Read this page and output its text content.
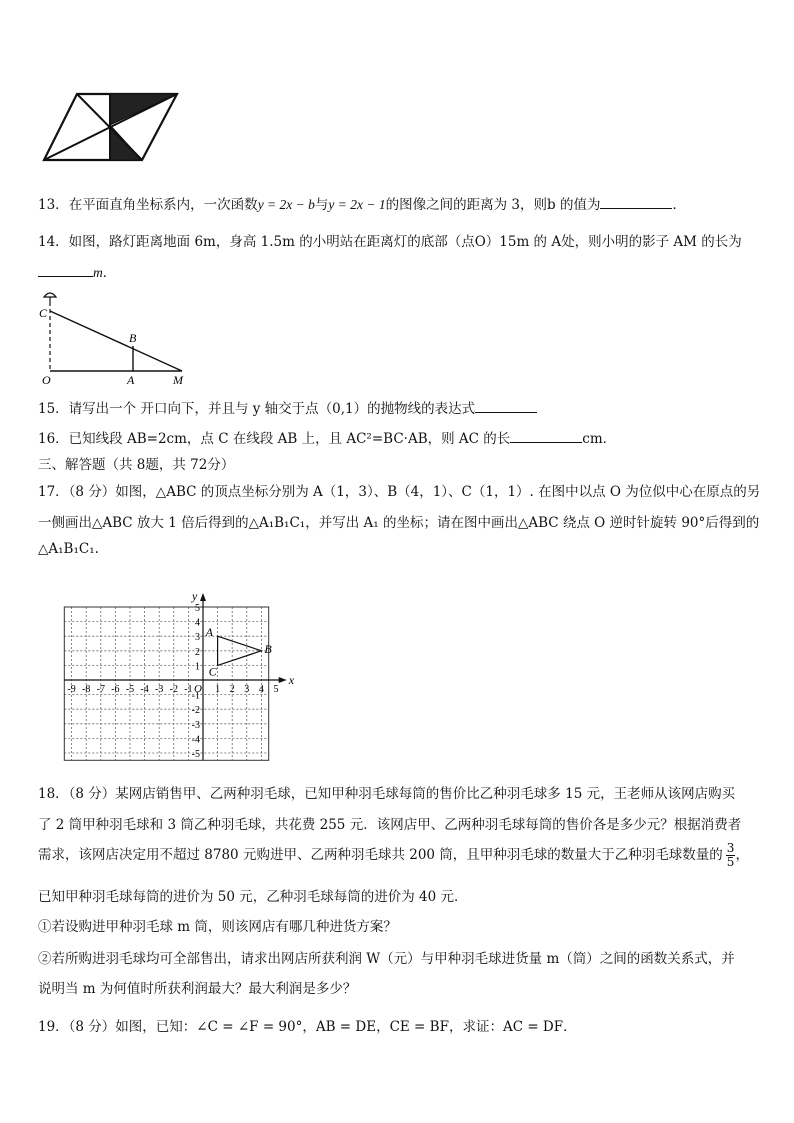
13．在平面直角坐标系内，一次函数y = 2x − b与y = 2x − 1的图像之间的距离为 3，则b 的值为	．
14．如图，路灯距离地面 6m，身高 1.5m 的小明站在距离灯的底部（点O）15m 的 A处，则小明的影子 AM 的长为
m．
C
B
O	A	M
15．请写出一个 开口向下，并且与 y 轴交于点（0,1）的抛物线的表达式
16．已知线段 AB=2cm，点 C 在线段 AB 上，且 AC²=BC·AB，则 AC 的长	cm．
三、解答题（共 8题，共 72分）
17．（8 分）如图，△ABC 的顶点坐标分别为 A（1，3）、B（4，1）、C（1，1）. 在图中以点 O 为位似中心在原点的另
一侧画出△ABC 放大 1 倍后得到的△A₁B₁C₁，并写出 A₁ 的坐标；请在图中画出△ABC 绕点 O 逆时针旋转 90°后得到的
△A₁B₁C₁.
x
y
O
-9 -8 -7 -6 -5 -4 -3 -2 -1 1 2 3 4 5
5
4
3
2
1
-1
-2
-3
-4
-5
A
B
C
18．（8 分）某网店销售甲、乙两种羽毛球，已知甲种羽毛球每筒的售价比乙种羽毛球多 15 元，王老师从该网店购买
了 2 筒甲种羽毛球和 3 筒乙种羽毛球，共花费 255 元．该网店甲、乙两种羽毛球每筒的售价各是多少元？根据消费者
需求，该网店决定用不超过 8780 元购进甲、乙两种羽毛球共 200 筒，且甲种羽毛球的数量大于乙种羽毛球数量的 $\frac{3}{5}$ ，
已知甲种羽毛球每筒的进价为 50 元，乙种羽毛球每筒的进价为 40 元．
①若设购进甲种羽毛球 m 筒，则该网店有哪几种进货方案？
②若所购进羽毛球均可全部售出，请求出网店所获利润 W（元）与甲种羽毛球进货量 m（筒）之间的函数关系式，并
说明当 m 为何值时所获利润最大？最大利润是多少？
19．（8 分）如图，已知：∠C = ∠F = 90°，AB = DE，CE = BF，求证：AC = DF．
